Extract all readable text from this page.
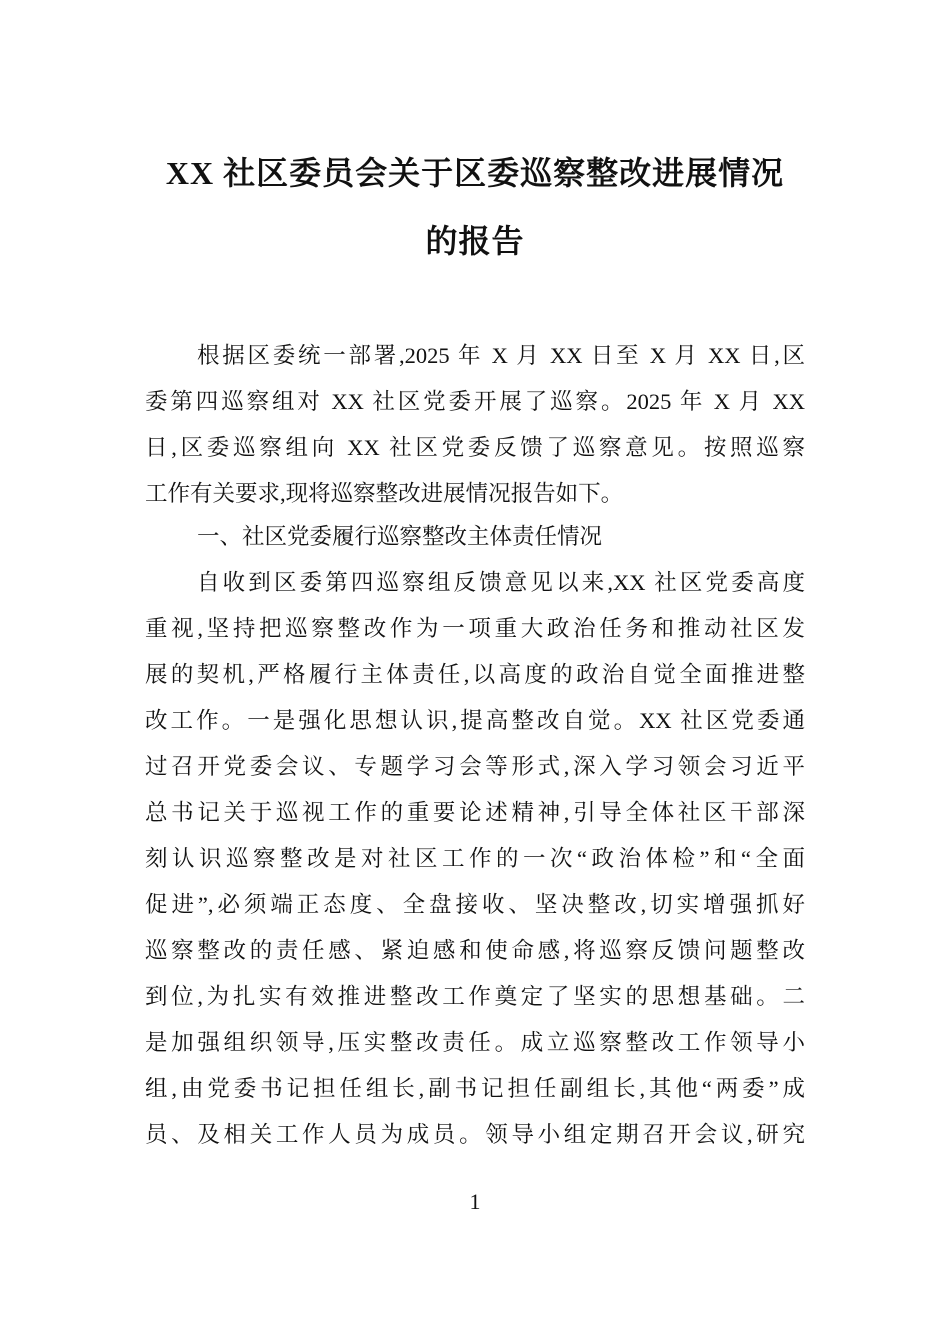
XX 社区委员会关于区委巡察整改进展情况
的报告
根据区委统一部署,2025 年 X 月 XX 日至 X 月 XX 日,区
委第四巡察组对 XX 社区党委开展了巡察。2025 年 X 月 XX
日,区委巡察组向 XX 社区党委反馈了巡察意见。按照巡察
工作有关要求,现将巡察整改进展情况报告如下。
一、社区党委履行巡察整改主体责任情况
自收到区委第四巡察组反馈意见以来,XX 社区党委高度
重视,坚持把巡察整改作为一项重大政治任务和推动社区发
展的契机,严格履行主体责任,以高度的政治自觉全面推进整
改工作。一是强化思想认识,提高整改自觉。XX 社区党委通
过召开党委会议、专题学习会等形式,深入学习领会习近平
总书记关于巡视工作的重要论述精神,引导全体社区干部深
刻认识巡察整改是对社区工作的一次“政治体检”和“全面
促进”,必须端正态度、全盘接收、坚决整改,切实增强抓好
巡察整改的责任感、紧迫感和使命感,将巡察反馈问题整改
到位,为扎实有效推进整改工作奠定了坚实的思想基础。二
是加强组织领导,压实整改责任。成立巡察整改工作领导小
组,由党委书记担任组长,副书记担任副组长,其他“两委”成
员、及相关工作人员为成员。领导小组定期召开会议,研究
1
